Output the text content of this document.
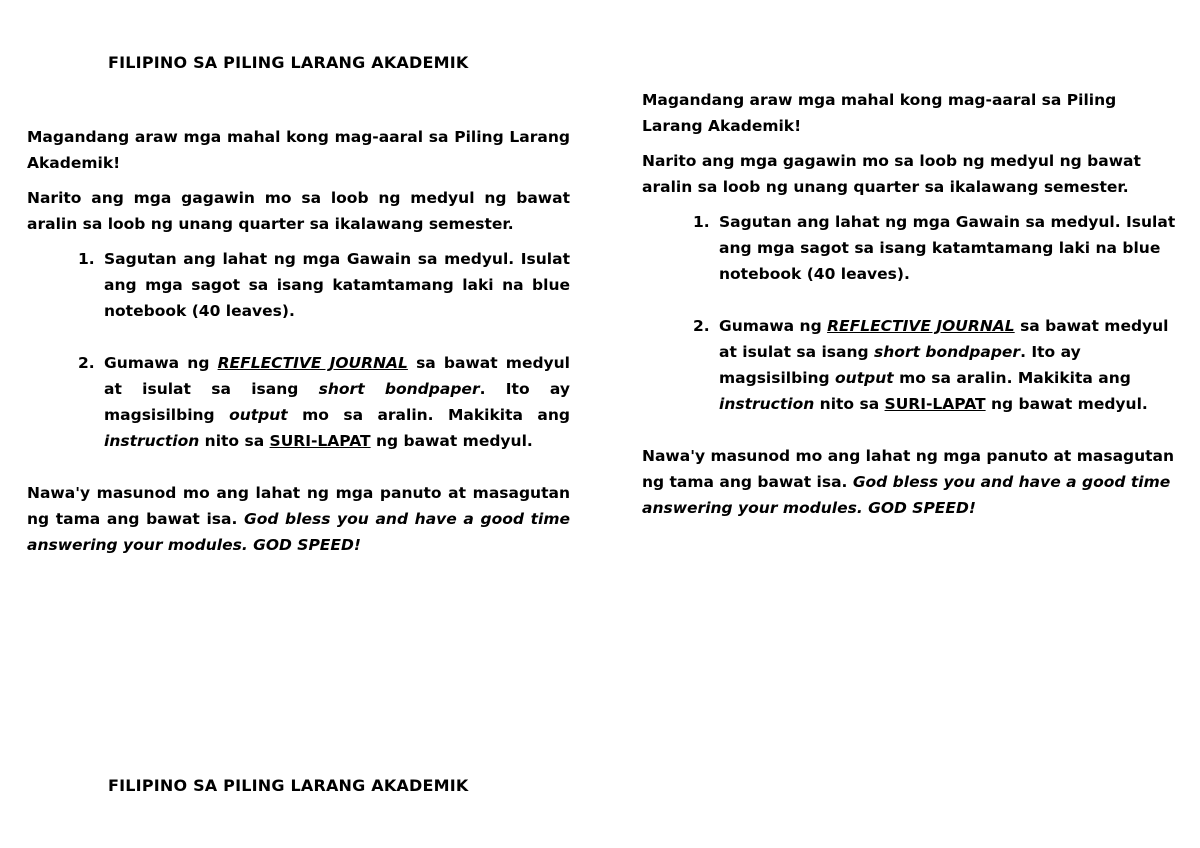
FILIPINO SA PILING LARANG AKADEMIK

Magandang araw mga mahal kong mag-aaral sa Piling Larang Akademik!

Narito ang mga gagawin mo sa loob ng medyul ng bawat aralin sa loob ng unang quarter sa ikalawang semester.

1. Sagutan ang lahat ng mga Gawain sa medyul. Isulat ang mga sagot sa isang katamtamang laki na blue notebook (40 leaves).
2. Gumawa ng REFLECTIVE JOURNAL sa bawat medyul at isulat sa isang short bondpaper. Ito ay magsisilbing output mo sa aralin. Makikita ang instruction nito sa SURI-LAPAT ng bawat medyul.

Nawa'y masunod mo ang lahat ng mga panuto at masagutan ng tama ang bawat isa. God bless you and have a good time answering your modules. GOD SPEED!

Magandang araw mga mahal kong mag-aaral sa Piling Larang Akademik!

Narito ang mga gagawin mo sa loob ng medyul ng bawat aralin sa loob ng unang quarter sa ikalawang semester.

1. Sagutan ang lahat ng mga Gawain sa medyul. Isulat ang mga sagot sa isang katamtamang laki na blue notebook (40 leaves).
2. Gumawa ng REFLECTIVE JOURNAL sa bawat medyul at isulat sa isang short bondpaper. Ito ay magsisilbing output mo sa aralin. Makikita ang instruction nito sa SURI-LAPAT ng bawat medyul.

Nawa'y masunod mo ang lahat ng mga panuto at masagutan ng tama ang bawat isa. God bless you and have a good time answering your modules. GOD SPEED!

FILIPINO SA PILING LARANG AKADEMIK
